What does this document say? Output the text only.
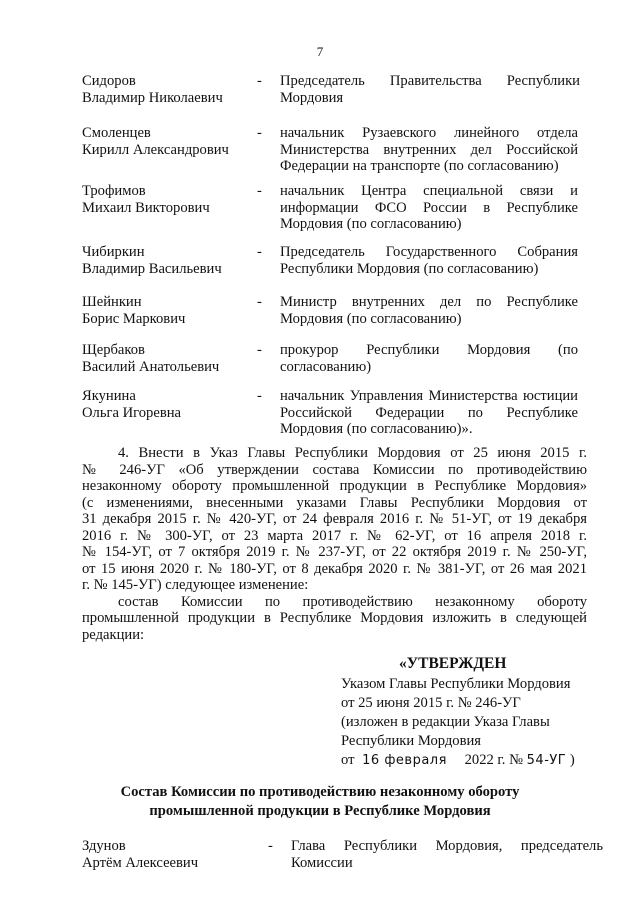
7
Сидоров
Владимир Николаевич
- Председатель Правительства Республики Мордовия
Смоленцев
Кирилл Александрович
- начальник Рузаевского линейного отдела Министерства внутренних дел Российской Федерации на транспорте (по согласованию)
Трофимов
Михаил Викторович
- начальник Центра специальной связи и информации ФСО России в Республике Мордовия (по согласованию)
Чибиркин
Владимир Васильевич
- Председатель Государственного Собрания Республики Мордовия (по согласованию)
Шейнкин
Борис Маркович
- Министр внутренних дел по Республике Мордовия (по согласованию)
Щербаков
Василий Анатольевич
- прокурор Республики Мордовия (по согласованию)
Якунина
Ольга Игоревна
- начальник Управления Министерства юстиции Российской Федерации по Республике Мордовия (по согласованию)».
4. Внести в Указ Главы Республики Мордовия от 25 июня 2015 г.
№ 246-УГ «Об утверждении состава Комиссии по противодействию
незаконному обороту промышленной продукции в Республике Мордовия»
(с изменениями, внесенными указами Главы Республики Мордовия от
31 декабря 2015 г. № 420-УГ, от 24 февраля 2016 г. № 51-УГ, от 19 декабря
2016 г. № 300-УГ, от 23 марта 2017 г. № 62-УГ, от 16 апреля 2018 г.
№ 154-УГ, от 7 октября 2019 г. № 237-УГ, от 22 октября 2019 г. № 250-УГ,
от 15 июня 2020 г. № 180-УГ, от 8 декабря 2020 г. № 381-УГ, от 26 мая 2021
г. № 145-УГ) следующее изменение:
состав Комиссии по противодействию незаконному обороту
промышленной продукции в Республике Мордовия изложить в следующей
редакции:
«УТВЕРЖДЕН
Указом Главы Республики Мордовия
от 25 июня 2015 г. № 246-УГ
(изложен в редакции Указа Главы
Республики Мордовия
от 16 февраля 2022 г. № 54-УГ )
Состав Комиссии по противодействию незаконному обороту
промышленной продукции в Республике Мордовия
Здунов
Артём Алексеевич
- Глава Республики Мордовия, председатель Комиссии
